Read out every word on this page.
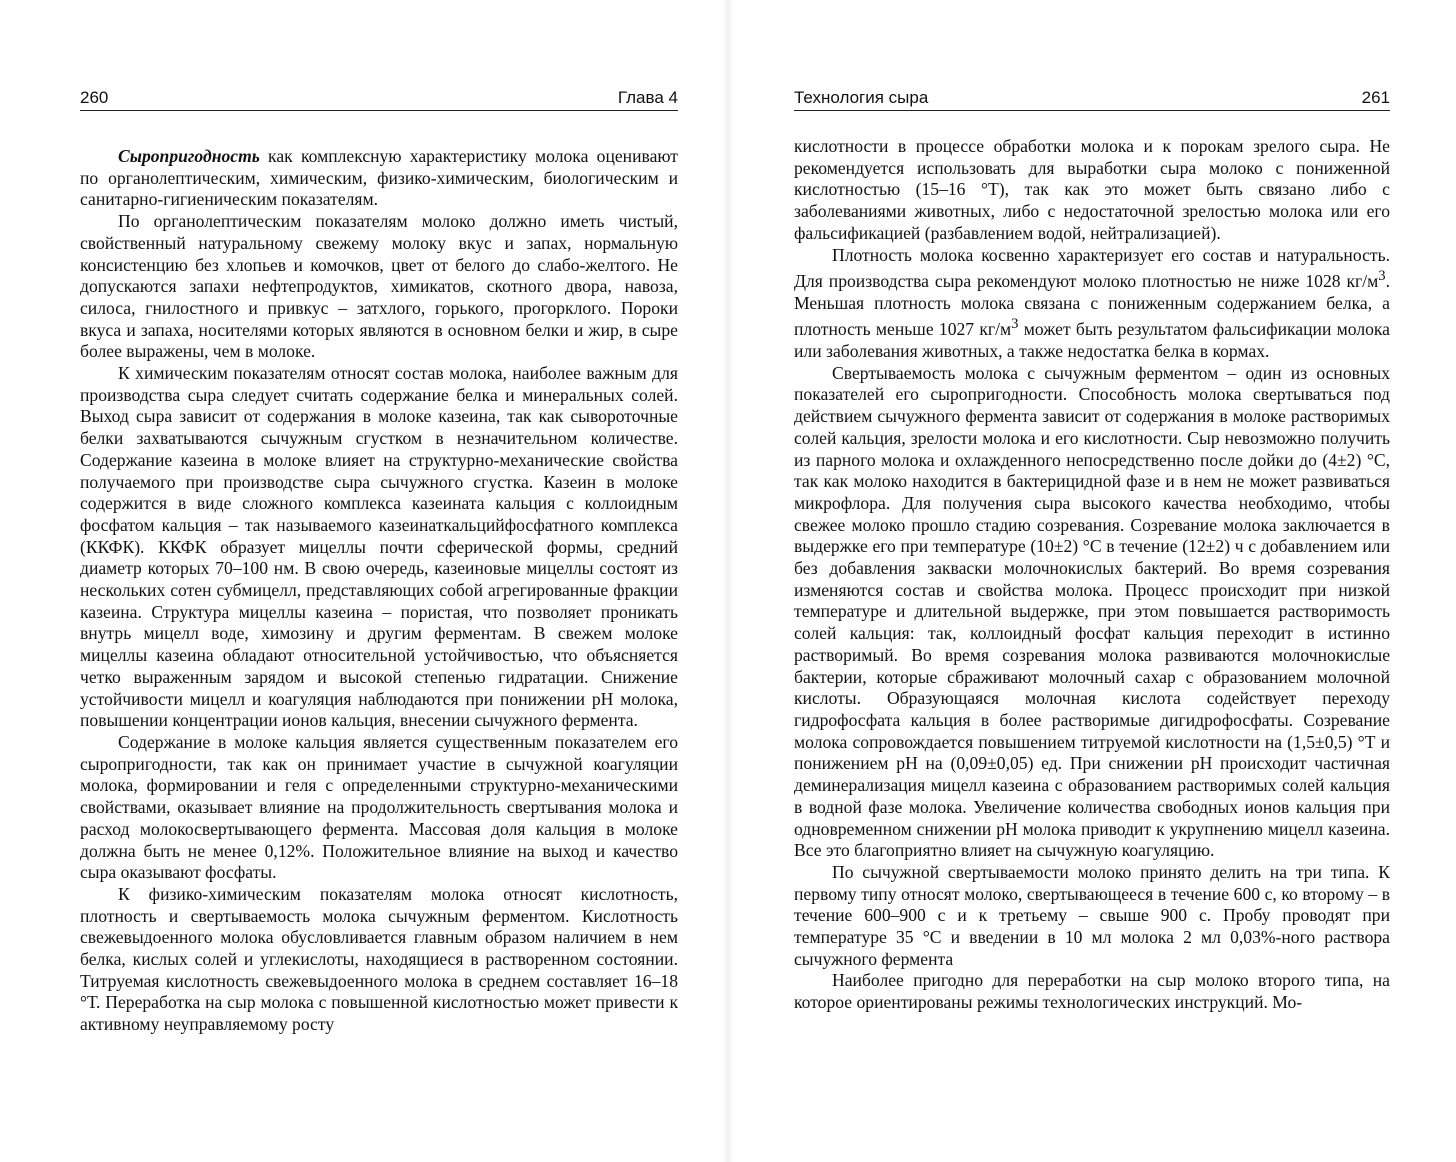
260	Глава 4

Сыропригодность как комплексную характеристику молока оценивают по органолептическим, химическим, физико-химическим, биологическим и санитарно-гигиеническим показателям.

По органолептическим показателям молоко должно иметь чистый, свойственный натуральному свежему молоку вкус и запах, нормальную консистенцию без хлопьев и комочков, цвет от белого до слабо-желтого. Не допускаются запахи нефтепродуктов, химикатов, скотного двора, навоза, силоса, гнилостного и привкус – затхлого, горького, прогорклого. Пороки вкуса и запаха, носителями которых являются в основном белки и жир, в сыре более выражены, чем в молоке.

К химическим показателям относят состав молока, наиболее важным для производства сыра следует считать содержание белка и минеральных солей. Выход сыра зависит от содержания в молоке казеина, так как сывороточные белки захватываются сычужным сгустком в незначительном количестве. Содержание казеина в молоке влияет на структурно-механические свойства получаемого при производстве сыра сычужного сгустка. Казеин в молоке содержится в виде сложного комплекса казеината кальция с коллоидным фосфатом кальция – так называемого казеинаткальцийфосфатного комплекса (ККФК). ККФК образует мицеллы почти сферической формы, средний диаметр которых 70–100 нм. В свою очередь, казеиновые мицеллы состоят из нескольких сотен субмицелл, представляющих собой агрегированные фракции казеина. Структура мицеллы казеина – пористая, что позволяет проникать внутрь мицелл воде, химозину и другим ферментам. В свежем молоке мицеллы казеина обладают относительной устойчивостью, что объясняется четко выраженным зарядом и высокой степенью гидратации. Снижение устойчивости мицелл и коагуляция наблюдаются при понижении pH молока, повышении концентрации ионов кальция, внесении сычужного фермента.

Содержание в молоке кальция является существенным показателем его сыропригодности, так как он принимает участие в сычужной коагуляции молока, формировании и геля с определенными структурно-механическими свойствами, оказывает влияние на продолжительность свертывания молока и расход молокосвертывающего фермента. Массовая доля кальция в молоке должна быть не менее 0,12%. Положительное влияние на выход и качество сыра оказывают фосфаты.

К физико-химическим показателям молока относят кислотность, плотность и свертываемость молока сычужным ферментом. Кислотность свежевыдоенного молока обусловливается главным образом наличием в нем белка, кислых солей и углекислоты, находящиеся в растворенном состоянии. Титруемая кислотность свежевыдоенного молока в среднем составляет 16–18 °Т. Переработка на сыр молока с повышенной кислотностью может привести к активному неуправляемому росту

Технология сыра	261

кислотности в процессе обработки молока и к порокам зрелого сыра. Не рекомендуется использовать для выработки сыра молоко с пониженной кислотностью (15–16 °Т), так как это может быть связано либо с заболеваниями животных, либо с недостаточной зрелостью молока или его фальсификацией (разбавлением водой, нейтрализацией).

Плотность молока косвенно характеризует его состав и натуральность. Для производства сыра рекомендуют молоко плотностью не ниже 1028 $кг/м^3$. Меньшая плотность молока связана с пониженным содержанием белка, а плотность меньше 1027 $кг/м^3$ может быть результатом фальсификации молока или заболевания животных, а также недостатка белка в кормах.

Свертываемость молока с сычужным ферментом – один из основных показателей его сыропригодности. Способность молока свертываться под действием сычужного фермента зависит от содержания в молоке растворимых солей кальция, зрелости молока и его кислотности. Сыр невозможно получить из парного молока и охлажденного непосредственно после дойки до (4±2) °С, так как молоко находится в бактерицидной фазе и в нем не может развиваться микрофлора. Для получения сыра высокого качества необходимо, чтобы свежее молоко прошло стадию созревания. Созревание молока заключается в выдержке его при температуре (10±2) °С в течение (12±2) ч с добавлением или без добавления закваски молочнокислых бактерий. Во время созревания изменяются состав и свойства молока. Процесс происходит при низкой температуре и длительной выдержке, при этом повышается растворимость солей кальция: так, коллоидный фосфат кальция переходит в истинно растворимый. Во время созревания молока развиваются молочнокислые бактерии, которые сбраживают молочный сахар с образованием молочной кислоты. Образующаяся молочная кислота содействует переходу гидрофосфата кальция в более растворимые дигидрофосфаты. Созревание молока сопровождается повышением титруемой кислотности на (1,5±0,5) °Т и понижением pH на (0,09±0,05) ед. При снижении pH происходит частичная деминерализация мицелл казеина с образованием растворимых солей кальция в водной фазе молока. Увеличение количества свободных ионов кальция при одновременном снижении pH молока приводит к укрупнению мицелл казеина. Все это благоприятно влияет на сычужную коагуляцию.

По сычужной свертываемости молоко принято делить на три типа. К первому типу относят молоко, свертывающееся в течение 600 с, ко второму – в течение 600–900 с и к третьему – свыше 900 с. Пробу проводят при температуре 35 °С и введении в 10 мл молока 2 мл 0,03%-ного раствора сычужного фермента

Наиболее пригодно для переработки на сыр молоко второго типа, на которое ориентированы режимы технологических инструкций. Мо-
